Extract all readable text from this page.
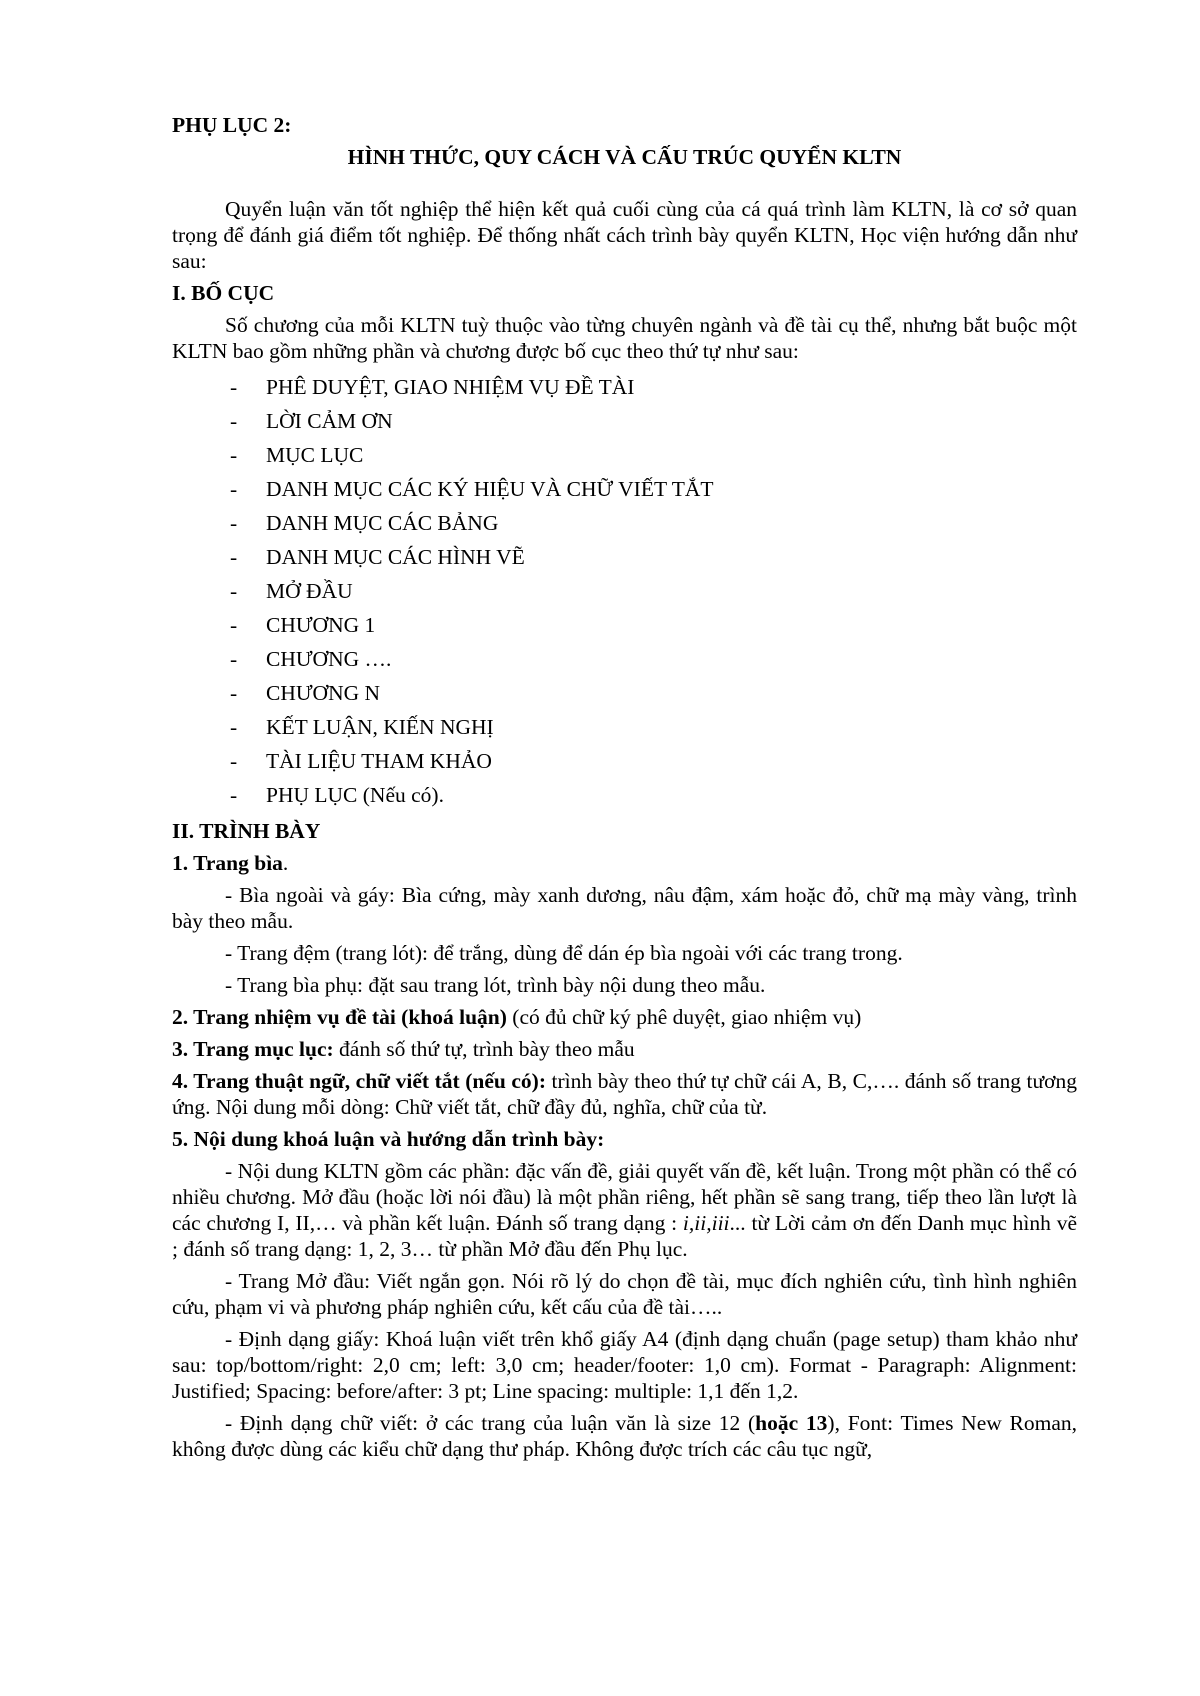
PHỤ LỤC 2:
HÌNH THỨC, QUY CÁCH VÀ CẤU TRÚC QUYỂN KLTN

Quyển luận văn tốt nghiệp thể hiện kết quả cuối cùng của cá quá trình làm KLTN, là cơ sở quan trọng để đánh giá điểm tốt nghiệp. Để thống nhất cách trình bày quyển KLTN, Học viện hướng dẫn như sau:

I. BỐ CỤC

Số chương của mỗi KLTN tuỳ thuộc vào từng chuyên ngành và đề tài cụ thể, nhưng bắt buộc một KLTN bao gồm những phần và chương được bố cục theo thứ tự như sau:

- PHÊ DUYỆT, GIAO NHIỆM VỤ ĐỀ TÀI
- LỜI CẢM ƠN
- MỤC LỤC
- DANH MỤC CÁC KÝ HIỆU VÀ CHỮ VIẾT TẮT
- DANH MỤC CÁC BẢNG
- DANH MỤC CÁC HÌNH VẼ
- MỞ ĐẦU
- CHƯƠNG 1
- CHƯƠNG ….
- CHƯƠNG N
- KẾT LUẬN, KIẾN NGHỊ
- TÀI LIỆU THAM KHẢO
- PHỤ LỤC (Nếu có).
II. TRÌNH BÀY
1. Trang bìa.

- Bìa ngoài và gáy: Bìa cứng, mày xanh dương, nâu đậm, xám hoặc đỏ, chữ mạ mày vàng, trình bày theo mẫu.

- Trang đệm (trang lót): để trắng, dùng để dán ép bìa ngoài với các trang trong.

- Trang bìa phụ: đặt sau trang lót, trình bày nội dung theo mẫu.

2. Trang nhiệm vụ đề tài (khoá luận) (có đủ chữ ký phê duyệt, giao nhiệm vụ)

3. Trang mục lục: đánh số thứ tự, trình bày theo mẫu

4. Trang thuật ngữ, chữ viết tắt (nếu có): trình bày theo thứ tự chữ cái A, B, C,…. đánh số trang tương ứng. Nội dung mỗi dòng: Chữ viết tắt, chữ đầy đủ, nghĩa, chữ của từ.

5. Nội dung khoá luận và hướng dẫn trình bày:

- Nội dung KLTN gồm các phần: đặc vấn đề, giải quyết vấn đề, kết luận. Trong một phần có thể có nhiều chương. Mở đầu (hoặc lời nói đầu) là một phần riêng, hết phần sẽ sang trang, tiếp theo lần lượt là các chương I, II,… và phần kết luận. Đánh số trang dạng : i,ii,iii... từ Lời cảm ơn đến Danh mục hình vẽ ; đánh số trang dạng: 1, 2, 3… từ phần Mở đầu đến Phụ lục.

- Trang Mở đầu: Viết ngắn gọn. Nói rõ lý do chọn đề tài, mục đích nghiên cứu, tình hình nghiên cứu, phạm vi và phương pháp nghiên cứu, kết cấu của đề tài…..

- Định dạng giấy: Khoá luận viết trên khổ giấy A4 (định dạng chuẩn (page setup) tham khảo như sau: top/bottom/right: 2,0 cm; left: 3,0 cm; header/footer: 1,0 cm). Format - Paragraph: Alignment: Justified; Spacing: before/after: 3 pt; Line spacing: multiple: 1,1 đến 1,2.

- Định dạng chữ viết: ở các trang của luận văn là size 12 (hoặc 13), Font: Times New Roman, không được dùng các kiểu chữ dạng thư pháp. Không được trích các câu tục ngữ,
